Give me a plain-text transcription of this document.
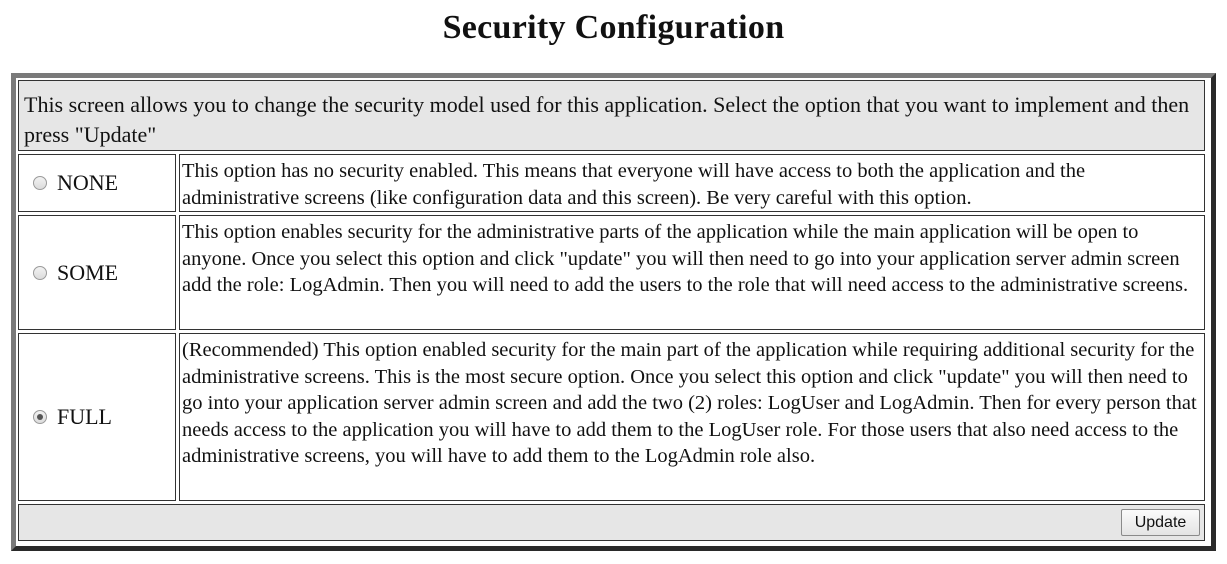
Security Configuration
This screen allows you to change the security model used for this application. Select the option that you want to implement and then press "Update"
NONE	This option has no security enabled. This means that everyone will have access to both the application and the administrative screens (like configuration data and this screen). Be very careful with this option.
SOME
This option enables security for the administrative parts of the application while the main application will be open to anyone. Once you select this option and click "update" you will then need to go into your application server admin screen add the role: LogAdmin. Then you will need to add the users to the role that will need access to the administrative screens.
FULL
(Recommended) This option enabled security for the main part of the application while requiring additional security for the administrative screens. This is the most secure option. Once you select this option and click "update" you will then need to go into your application server admin screen and add the two (2) roles: LogUser and LogAdmin. Then for every person that needs access to the application you will have to add them to the LogUser role. For those users that also need access to the administrative screens, you will have to add them to the LogAdmin role also.
Update
